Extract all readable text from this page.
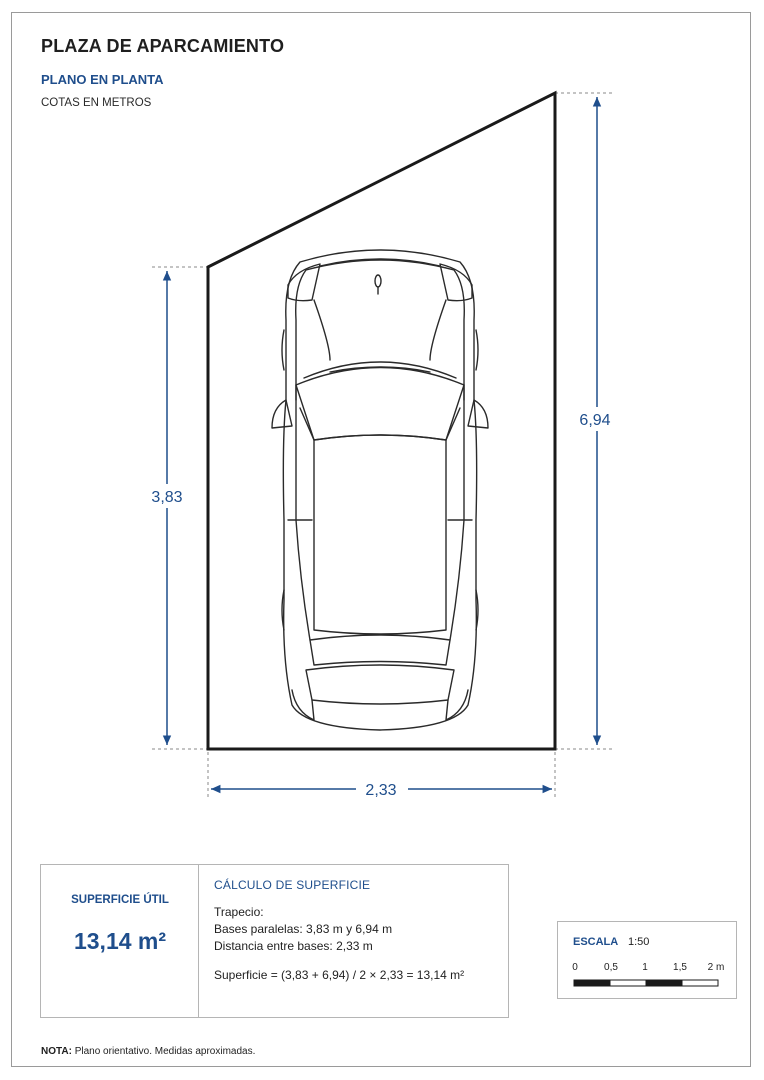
PLAZA DE APARCAMIENTO
PLANO EN PLANTA
COTAS EN METROS
3,83
6,94
2,33
SUPERFICIE ÚTIL
13,14 m²
CÁLCULO DE SUPERFICIE
Trapecio:
Bases paralelas: 3,83 m y 6,94 m
Distancia entre bases: 2,33 m
Superficie = (3,83 + 6,94) / 2 × 2,33 = 13,14 m²
ESCALA 1:50
0	0,5 1	1,5 2 m
NOTA: Plano orientativo. Medidas aproximadas.
